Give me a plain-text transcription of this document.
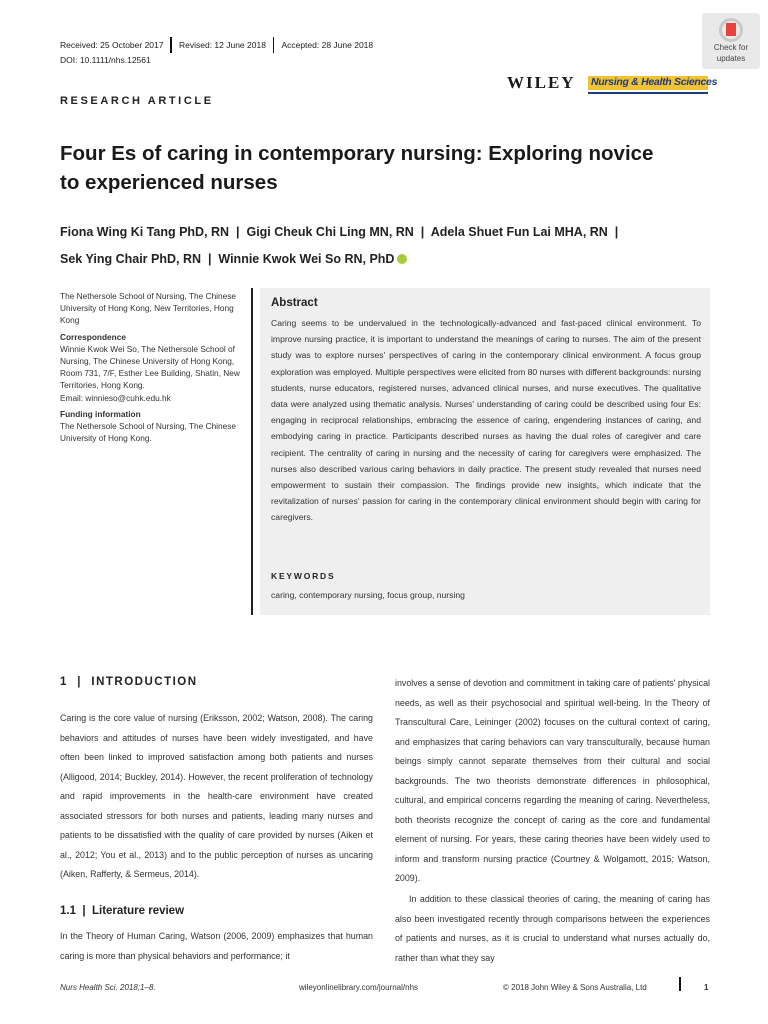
Received: 25 October 2017 Revised: 12 June 2018 Accepted: 28 June 2018
DOI: 10.1111/nhs.12561
Check for
updates
WILEY Nursing & Health Sciences
RESEARCH ARTICLE
Four Es of caring in contemporary nursing: Exploring novice
to experienced nurses
Fiona Wing Ki Tang PhD, RN  |  Gigi Cheuk Chi Ling MN, RN  |  Adela Shuet Fun Lai MHA, RN  |
Sek Ying Chair PhD, RN  |  Winnie Kwok Wei So RN, PhD
The Nethersole School of Nursing, The Chinese University of Hong Kong, New Territories, Hong Kong
Correspondence
Winnie Kwok Wei So, The Nethersole School of Nursing, The Chinese University of Hong Kong, Room 731, 7/F, Esther Lee Building, Shatin, New Territories, Hong Kong.
Email: winnieso@cuhk.edu.hk
Funding information
The Nethersole School of Nursing, The Chinese University of Hong Kong.
Abstract
Caring seems to be undervalued in the technologically-advanced and fast-paced clinical environment. To improve nursing practice, it is important to understand the meanings of caring to nurses. The aim of the present study was to explore nurses' perspectives of caring in the contemporary clinical environment. A focus group exploration was employed. Multiple perspectives were elicited from 80 nurses with different backgrounds: nursing students, nurse educators, registered nurses, advanced clinical nurses, and nurse executives. The qualitative data were analyzed using thematic analysis. Nurses' understanding of caring could be described using four Es: engaging in reciprocal relationships, embracing the essence of caring, engendering instances of caring, and embodying caring in practice. Participants described nurses as having the dual roles of caregiver and care recipient. The centrality of caring in nursing and the necessity of caring for caregivers were emphasized. The nurses also described various caring behaviors in daily practice. The present study revealed that nurses need empowerment to sustain their compassion. The findings provide new insights, which indicate that the revitalization of nurses' passion for caring in the contemporary clinical environment should begin with caring for caregivers.
KEYWORDS
caring, contemporary nursing, focus group, nursing
1  |  INTRODUCTION
Caring is the core value of nursing (Eriksson, 2002; Watson, 2008). The caring behaviors and attitudes of nurses have been widely investigated, and have often been linked to improved satisfaction among both patients and nurses (Alligood, 2014; Buckley, 2014). However, the recent proliferation of technology and rapid improvements in the health-care environment have created associated stressors for both nurses and patients, leading many nurses and patients to be dissatisfied with the quality of care provided by nurses (Aiken et al., 2012; You et al., 2013) and to the public perception of nurses as uncaring (Aiken, Rafferty, & Sermeus, 2014).
1.1  |  Literature review
In the Theory of Human Caring, Watson (2006, 2009) emphasizes that human caring is more than physical behaviors and performance; it
involves a sense of devotion and commitment in taking care of patients' physical needs, as well as their psychosocial and spiritual well-being. In the Theory of Transcultural Care, Leininger (2002) focuses on the cultural context of caring, and emphasizes that caring behaviors can vary transculturally, because human beings simply cannot separate themselves from their cultural and social backgrounds. The two theorists demonstrate differences in philosophical, cultural, and empirical concerns regarding the meaning of caring. Nevertheless, both theorists recognize the concept of caring as the core and fundamental element of nursing. For years, these caring theories have been widely used to inform and transform nursing practice (Courtney & Wolgamott, 2015; Watson, 2009).
In addition to these classical theories of caring, the meaning of caring has also been investigated recently through comparisons between the experiences of patients and nurses, as it is crucial to understand what nurses actually do, rather than what they say
Nurs Health Sci. 2018;1–8.	wileyonlinelibrary.com/journal/nhs	© 2018 John Wiley & Sons Australia, Ltd	1
